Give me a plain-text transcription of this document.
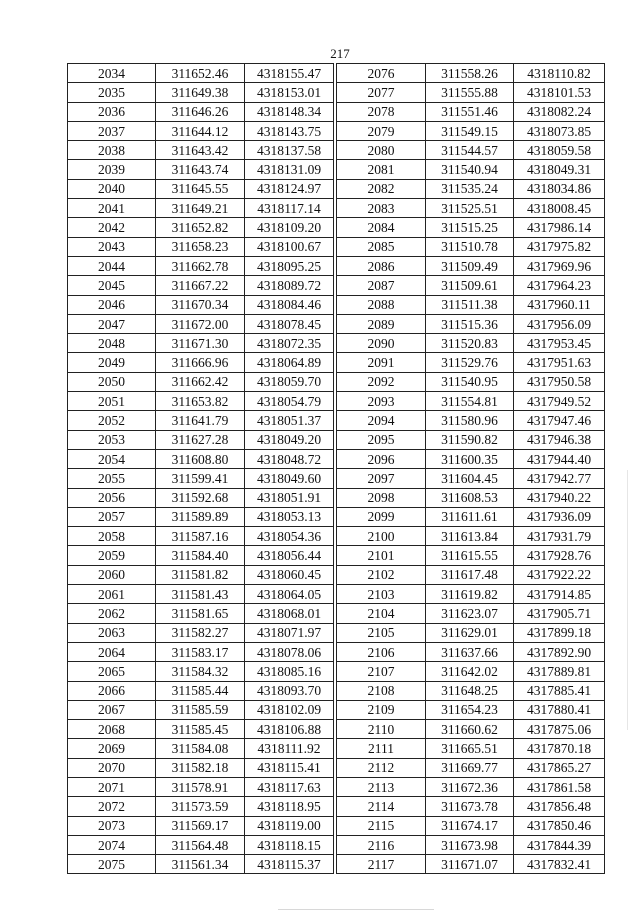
217
2034	311652.46	4318155.47
2035	311649.38	4318153.01
2036	311646.26	4318148.34
2037	311644.12	4318143.75
2038	311643.42	4318137.58
2039	311643.74	4318131.09
2040	311645.55	4318124.97
2041	311649.21	4318117.14
2042	311652.82	4318109.20
2043	311658.23	4318100.67
2044	311662.78	4318095.25
2045	311667.22	4318089.72
2046	311670.34	4318084.46
2047	311672.00	4318078.45
2048	311671.30	4318072.35
2049	311666.96	4318064.89
2050	311662.42	4318059.70
2051	311653.82	4318054.79
2052	311641.79	4318051.37
2053	311627.28	4318049.20
2054	311608.80	4318048.72
2055	311599.41	4318049.60
2056	311592.68	4318051.91
2057	311589.89	4318053.13
2058	311587.16	4318054.36
2059	311584.40	4318056.44
2060	311581.82	4318060.45
2061	311581.43	4318064.05
2062	311581.65	4318068.01
2063	311582.27	4318071.97
2064	311583.17	4318078.06
2065	311584.32	4318085.16
2066	311585.44	4318093.70
2067	311585.59	4318102.09
2068	311585.45	4318106.88
2069	311584.08	4318111.92
2070	311582.18	4318115.41
2071	311578.91	4318117.63
2072	311573.59	4318118.95
2073	311569.17	4318119.00
2074	311564.48	4318118.15
2075	311561.34	4318115.37
2076	311558.26	4318110.82
2077	311555.88	4318101.53
2078	311551.46	4318082.24
2079	311549.15	4318073.85
2080	311544.57	4318059.58
2081	311540.94	4318049.31
2082	311535.24	4318034.86
2083	311525.51	4318008.45
2084	311515.25	4317986.14
2085	311510.78	4317975.82
2086	311509.49	4317969.96
2087	311509.61	4317964.23
2088	311511.38	4317960.11
2089	311515.36	4317956.09
2090	311520.83	4317953.45
2091	311529.76	4317951.63
2092	311540.95	4317950.58
2093	311554.81	4317949.52
2094	311580.96	4317947.46
2095	311590.82	4317946.38
2096	311600.35	4317944.40
2097	311604.45	4317942.77
2098	311608.53	4317940.22
2099	311611.61	4317936.09
2100	311613.84	4317931.79
2101	311615.55	4317928.76
2102	311617.48	4317922.22
2103	311619.82	4317914.85
2104	311623.07	4317905.71
2105	311629.01	4317899.18
2106	311637.66	4317892.90
2107	311642.02	4317889.81
2108	311648.25	4317885.41
2109	311654.23	4317880.41
2110	311660.62	4317875.06
2111	311665.51	4317870.18
2112	311669.77	4317865.27
2113	311672.36	4317861.58
2114	311673.78	4317856.48
2115	311674.17	4317850.46
2116	311673.98	4317844.39
2117	311671.07	4317832.41
